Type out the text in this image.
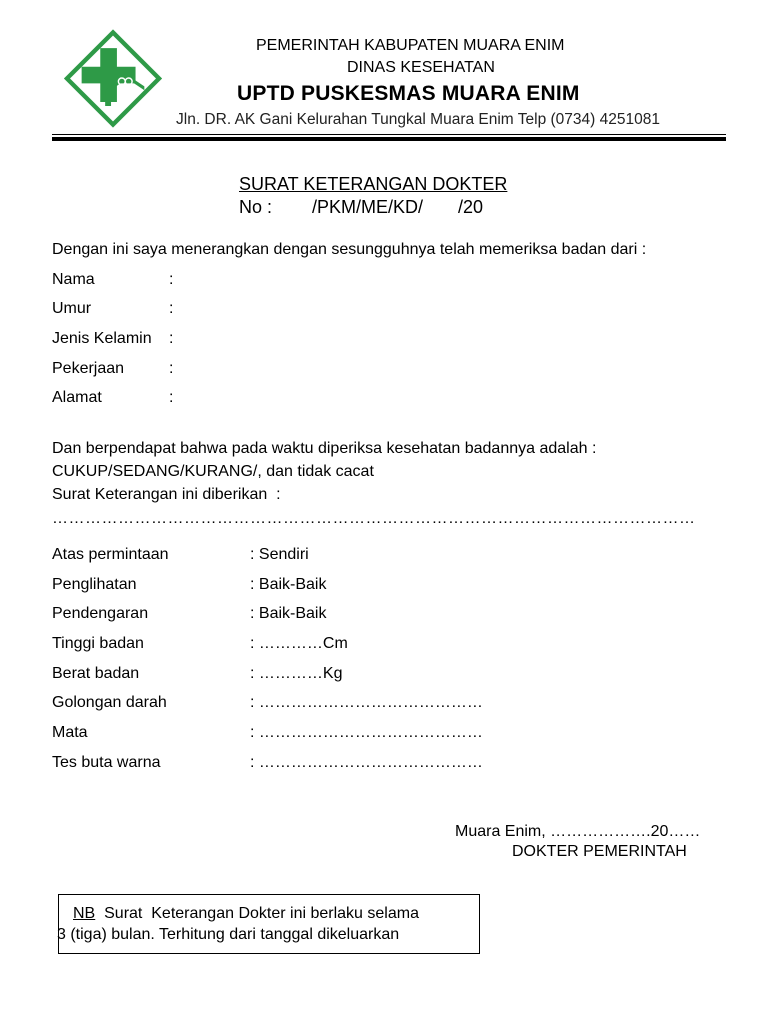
PEMERINTAH KABUPATEN MUARA ENIM
DINAS KESEHATAN
UPTD PUSKESMAS MUARA ENIM
Jln. DR. AK Gani Kelurahan Tungkal Muara Enim Telp (0734) 4251081
SURAT KETERANGAN DOKTER
No :        /PKM/ME/KD/       /20
Dengan ini saya menerangkan dengan sesungguhnya telah memeriksa badan dari :
Nama	:
Umur	:
Jenis Kelamin :
Pekerjaan	:
Alamat	:
Dan berpendapat bahwa pada waktu diperiksa kesehatan badannya adalah :
CUKUP/SEDANG/KURANG/, dan tidak cacat
Surat Keterangan ini diberikan  :
………………………………………………………………………………………………………
Atas permintaan	: Sendiri
Penglihatan	: Baik-Baik
Pendengaran	: Baik-Baik
Tinggi badan	: …………Cm
Berat badan	: …………Kg
Golongan darah	: ……………………………………
Mata	: ……………………………………
Tes buta warna	: ……………………………………
Muara Enim, ……………….20……
DOKTER PEMERINTAH
NB  Surat  Keterangan Dokter ini berlaku selama
3 (tiga) bulan. Terhitung dari tanggal dikeluarkan
